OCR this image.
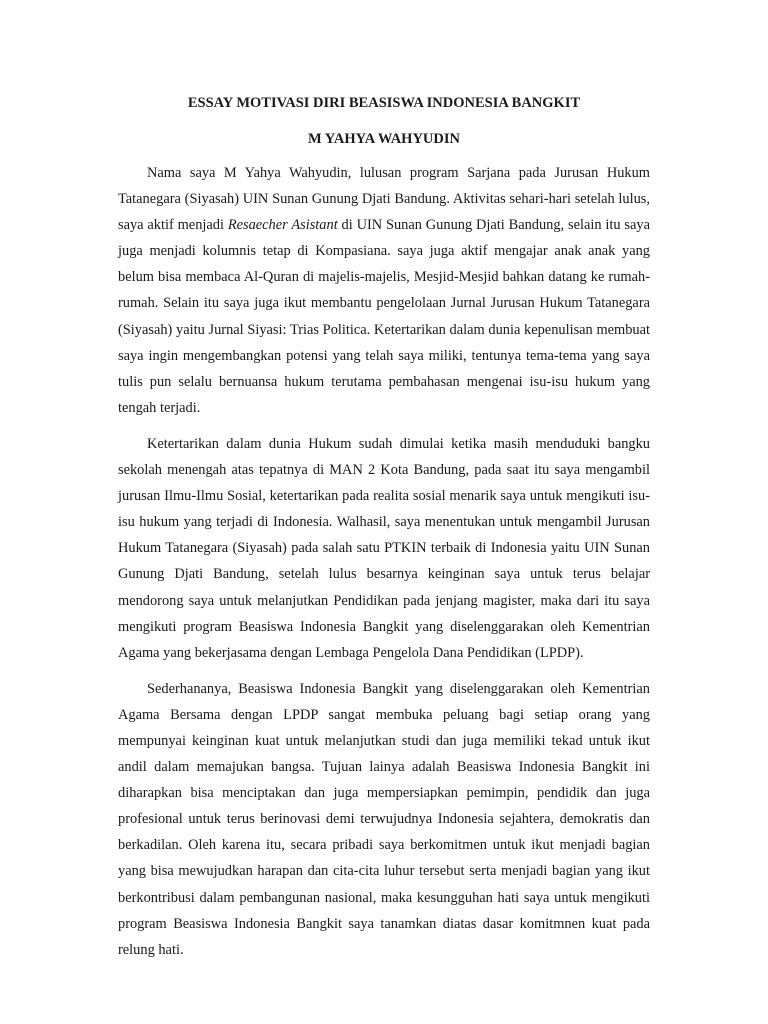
ESSAY MOTIVASI DIRI BEASISWA INDONESIA BANGKIT
M YAHYA WAHYUDIN

Nama saya M Yahya Wahyudin, lulusan program Sarjana pada Jurusan Hukum Tatanegara (Siyasah) UIN Sunan Gunung Djati Bandung. Aktivitas sehari-hari setelah lulus, saya aktif menjadi Resaecher Asistant di UIN Sunan Gunung Djati Bandung, selain itu saya juga menjadi kolumnis tetap di Kompasiana. saya juga aktif mengajar anak anak yang belum bisa membaca Al-Quran di majelis-majelis, Mesjid-Mesjid bahkan datang ke rumah-rumah. Selain itu saya juga ikut membantu pengelolaan Jurnal Jurusan Hukum Tatanegara (Siyasah) yaitu Jurnal Siyasi: Trias Politica. Ketertarikan dalam dunia kepenulisan membuat saya ingin mengembangkan potensi yang telah saya miliki, tentunya tema-tema yang saya tulis pun selalu bernuansa hukum terutama pembahasan mengenai isu-isu hukum yang tengah terjadi.

Ketertarikan dalam dunia Hukum sudah dimulai ketika masih menduduki bangku sekolah menengah atas tepatnya di MAN 2 Kota Bandung, pada saat itu saya mengambil jurusan Ilmu-Ilmu Sosial, ketertarikan pada realita sosial menarik saya untuk mengikuti isu-isu hukum yang terjadi di Indonesia. Walhasil, saya menentukan untuk mengambil Jurusan Hukum Tatanegara (Siyasah) pada salah satu PTKIN terbaik di Indonesia yaitu UIN Sunan Gunung Djati Bandung, setelah lulus besarnya keinginan saya untuk terus belajar mendorong saya untuk melanjutkan Pendidikan pada jenjang magister, maka dari itu saya mengikuti program Beasiswa Indonesia Bangkit yang diselenggarakan oleh Kementrian Agama yang bekerjasama dengan Lembaga Pengelola Dana Pendidikan (LPDP).

Sederhananya, Beasiswa Indonesia Bangkit yang diselenggarakan oleh Kementrian Agama Bersama dengan LPDP sangat membuka peluang bagi setiap orang yang mempunyai keinginan kuat untuk melanjutkan studi dan juga memiliki tekad untuk ikut andil dalam memajukan bangsa. Tujuan lainya adalah Beasiswa Indonesia Bangkit ini diharapkan bisa menciptakan dan juga mempersiapkan pemimpin, pendidik dan juga profesional untuk terus berinovasi demi terwujudnya Indonesia sejahtera, demokratis dan berkadilan. Oleh karena itu, secara pribadi saya berkomitmen untuk ikut menjadi bagian yang bisa mewujudkan harapan dan cita-cita luhur tersebut serta menjadi bagian yang ikut berkontribusi dalam pembangunan nasional, maka kesungguhan hati saya untuk mengikuti program Beasiswa Indonesia Bangkit saya tanamkan diatas dasar komitmnen kuat pada relung hati.
